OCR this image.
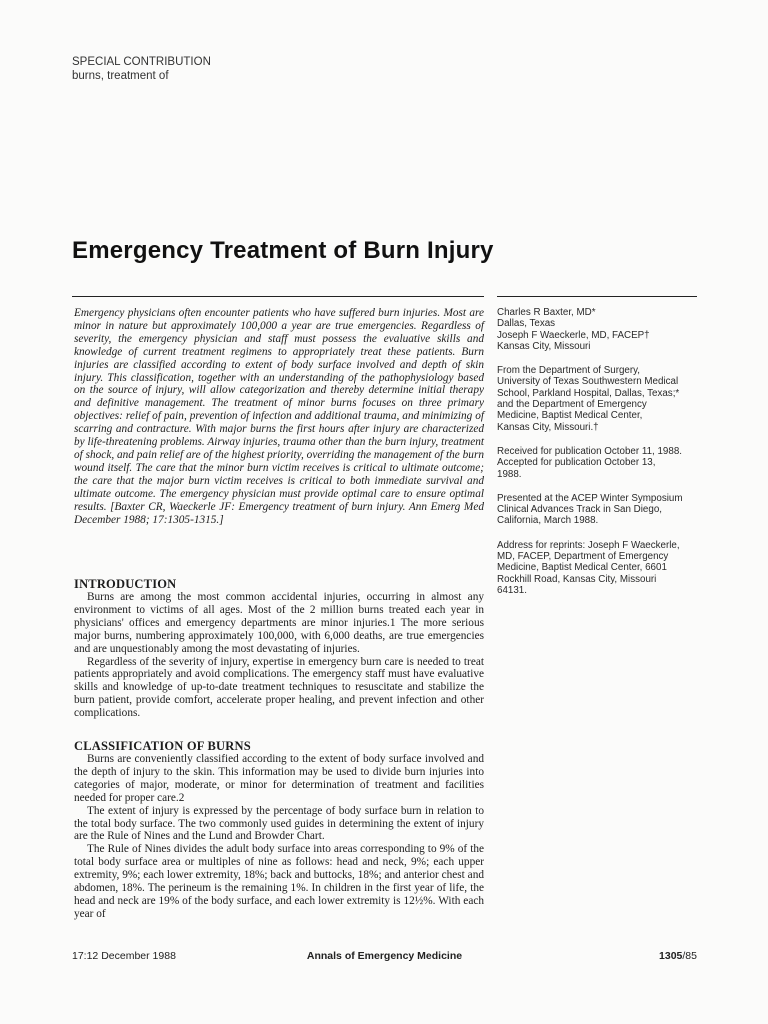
SPECIAL CONTRIBUTION
burns, treatment of
Emergency Treatment of Burn Injury

Emergency physicians often encounter patients who have suffered burn injuries. Most are minor in nature but approximately 100,000 a year are true emergencies. Regardless of severity, the emergency physician and staff must possess the evaluative skills and knowledge of current treatment regimens to appropriately treat these patients. Burn injuries are classified according to extent of body surface involved and depth of skin injury. This classification, together with an understanding of the pathophysiology based on the source of injury, will allow categorization and thereby determine initial therapy and definitive management. The treatment of minor burns focuses on three primary objectives: relief of pain, prevention of infection and additional trauma, and minimizing of scarring and contracture. With major burns the first hours after injury are characterized by life-threatening problems. Airway injuries, trauma other than the burn injury, treatment of shock, and pain relief are of the highest priority, overriding the management of the burn wound itself. The care that the minor burn victim receives is critical to ultimate outcome; the care that the major burn victim receives is critical to both immediate survival and ultimate outcome. The emergency physician must provide optimal care to ensure optimal results. [Baxter CR, Waeckerle JF: Emergency treatment of burn injury. Ann Emerg Med December 1988; 17:1305-1315.]

INTRODUCTION

Burns are among the most common accidental injuries, occurring in almost any environment to victims of all ages. Most of the 2 million burns treated each year in physicians' offices and emergency departments are minor injuries.1 The more serious major burns, numbering approximately 100,000, with 6,000 deaths, are true emergencies and are unquestionably among the most devastating of injuries.

Regardless of the severity of injury, expertise in emergency burn care is needed to treat patients appropriately and avoid complications. The emergency staff must have evaluative skills and knowledge of up-to-date treatment techniques to resuscitate and stabilize the burn patient, provide comfort, accelerate proper healing, and prevent infection and other complications.

CLASSIFICATION OF BURNS

Burns are conveniently classified according to the extent of body surface involved and the depth of injury to the skin. This information may be used to divide burn injuries into categories of major, moderate, or minor for determination of treatment and facilities needed for proper care.2

The extent of injury is expressed by the percentage of body surface burn in relation to the total body surface. The two commonly used guides in determining the extent of injury are the Rule of Nines and the Lund and Browder Chart.

The Rule of Nines divides the adult body surface into areas corresponding to 9% of the total body surface area or multiples of nine as follows: head and neck, 9%; each upper extremity, 9%; each lower extremity, 18%; back and buttocks, 18%; and anterior chest and abdomen, 18%. The perineum is the remaining 1%. In children in the first year of life, the head and neck are 19% of the body surface, and each lower extremity is 12½%. With each year of

Charles R Baxter, MD*
Dallas, Texas
Joseph F Waeckerle, MD, FACEP†
Kansas City, Missouri
From the Department of Surgery,
University of Texas Southwestern Medical
School, Parkland Hospital, Dallas, Texas;*
and the Department of Emergency
Medicine, Baptist Medical Center,
Kansas City, Missouri.†
Received for publication October 11, 1988.
Accepted for publication October 13,
1988.
Presented at the ACEP Winter Symposium
Clinical Advances Track in San Diego,
California, March 1988.
Address for reprints: Joseph F Waeckerle,
MD, FACEP, Department of Emergency
Medicine, Baptist Medical Center, 6601
Rockhill Road, Kansas City, Missouri
64131.
17:12 December 1988	Annals of Emergency Medicine	1305/85
